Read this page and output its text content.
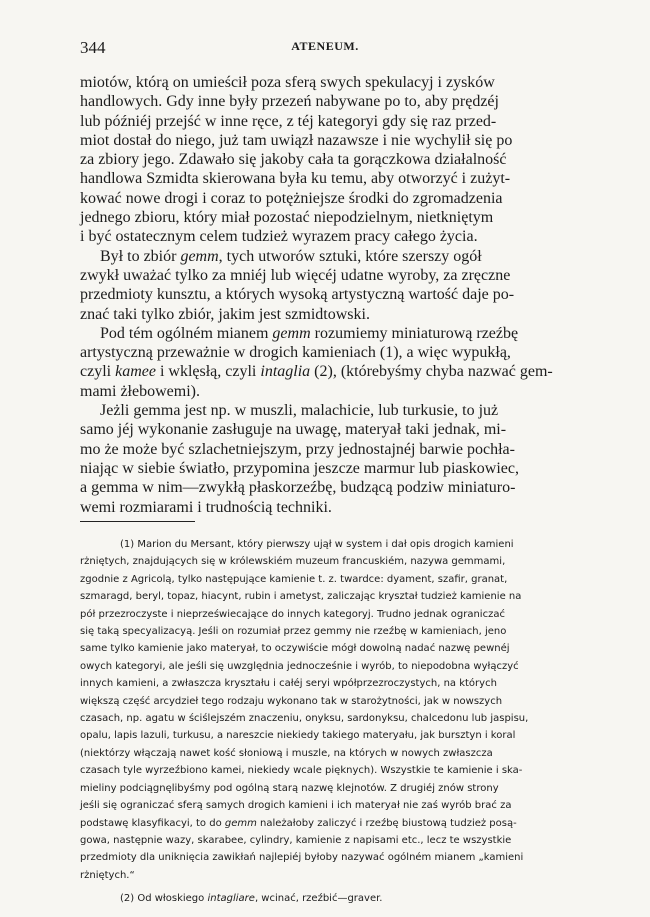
344	ATENEUM.
miotów, którą on umieścił poza sferą swych spekulacyj i zysków
handlowych. Gdy inne były przezeń nabywane po to, aby prędzéj
lub późniéj przejść w inne ręce, z téj kategoryi gdy się raz przed-
miot dostał do niego, już tam uwiązł nazawsze i nie wychylił się po
za zbiory jego. Zdawało się jakoby cała ta gorączkowa działalność
handlowa Szmidta skierowana była ku temu, aby otworzyć i zużyt-
kować nowe drogi i coraz to potężniejsze środki do zgromadzenia
jednego zbioru, który miał pozostać niepodzielnym, nietkniętym
i być ostatecznym celem tudzież wyrazem pracy całego życia.
Był to zbiór gemm, tych utworów sztuki, które szerszy ogół
zwykł uważać tylko za mniéj lub więcéj udatne wyroby, za zręczne
przedmioty kunsztu, a których wysoką artystyczną wartość daje po-
znać taki tylko zbiór, jakim jest szmidtowski.
Pod tém ogólném mianem gemm rozumiemy miniaturową rzeźbę
artystyczną przeważnie w drogich kamieniach (1), a więc wypukłą,
czyli kamee i wklęsłą, czyli intaglia (2), (którebyśmy chyba nazwać gem-
mami żłebowemi).
Jeżli gemma jest np. w muszli, malachicie, lub turkusie, to już
samo jéj wykonanie zasługuje na uwagę, materyał taki jednak, mi-
mo że może być szlachetniejszym, przy jednostajnéj barwie pochła-
niając w siebie światło, przypomina jeszcze marmur lub piaskowiec,
a gemma w nim—zwykłą płaskorzeźbę, budzącą podziw miniaturo-
wemi rozmiarami i trudnością techniki.
(1) Marion du Mersant, który pierwszy ujął w system i dał opis drogich kamieni
rżniętych, znajdujących się w królewskiém muzeum francuskiém, nazywa gemmami,
zgodnie z Agricolą, tylko następujące kamienie t. z. twardce: dyament, szafir, granat,
szmaragd, beryl, topaz, hiacynt, rubin i ametyst, zaliczając kryształ tudzież kamienie na
pół przezroczyste i nieprzeświecające do innych kategoryj. Trudno jednak ograniczać
się taką specyalizacyą. Jeśli on rozumiał przez gemmy nie rzeźbę w kamieniach, jeno
same tylko kamienie jako materyał, to oczywiście mógł dowolną nadać nazwę pewnéj
owych kategoryi, ale jeśli się uwzględnia jednocześnie i wyrób, to niepodobna wyłączyć
innych kamieni, a zwłaszcza kryształu i całéj seryi wpółprzezroczystych, na których
większą część arcydzieł tego rodzaju wykonano tak w starożytności, jak w nowszych
czasach, np. agatu w ściślejszém znaczeniu, onyksu, sardonyksu, chalcedonu lub jaspisu,
opalu, lapis lazuli, turkusu, a nareszcie niekiedy takiego materyału, jak bursztyn i koral
(niektórzy włączają nawet kość słoniową i muszle, na których w nowych zwłaszcza
czasach tyle wyrzeźbiono kamei, niekiedy wcale pięknych). Wszystkie te kamienie i ska-
mieliny podciągnęlibyśmy pod ogólną starą nazwę klejnotów. Z drugiéj znów strony
jeśli się ograniczać sferą samych drogich kamieni i ich materyał nie zaś wyrób brać za
podstawę klasyfikacyi, to do gemm należałoby zaliczyć i rzeźbę biustową tudzież posą-
gowa, następnie wazy, skarabee, cylindry, kamienie z napisami etc., lecz te wszystkie
przedmioty dla uniknięcia zawikłań najlepiéj byłoby nazywać ogólném mianem „kamieni
rżniętych.“
(2) Od włoskiego intagliare, wcinać, rzeźbić—graver.
